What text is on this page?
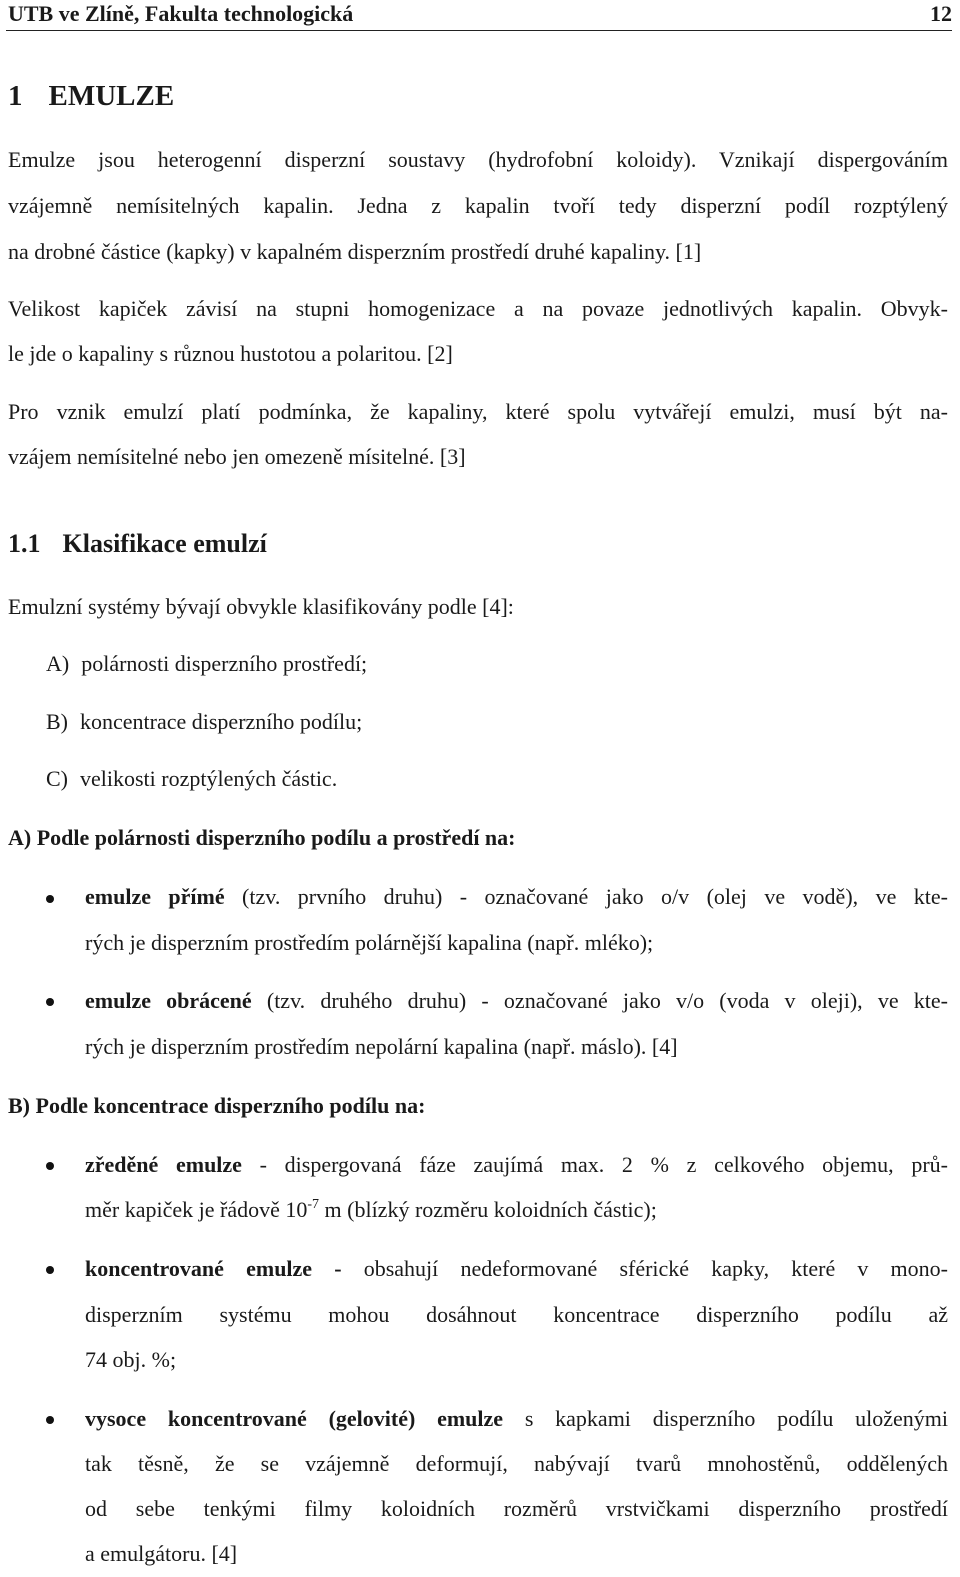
UTB ve Zlíně, Fakulta technologická	12
1 EMULZE
Emulze jsou heterogenní disperzní soustavy (hydrofobní koloidy). Vznikají dispergováním
vzájemně nemísitelných kapalin. Jedna z kapalin tvoří tedy disperzní podíl rozptýlený
na drobné částice (kapky) v kapalném disperzním prostředí druhé kapaliny. [1]
Velikost kapiček závisí na stupni homogenizace a na povaze jednotlivých kapalin. Obvyk-
le jde o kapaliny s různou hustotou a polaritou. [2]
Pro vznik emulzí platí podmínka, že kapaliny, které spolu vytvářejí emulzi, musí být na-
vzájem nemísitelné nebo jen omezeně mísitelné. [3]
1.1 Klasifikace emulzí
Emulzní systémy bývají obvykle klasifikovány podle [4]:
A) polárnosti disperzního prostředí;
B) koncentrace disperzního podílu;
C) velikosti rozptýlených částic.
A) Podle polárnosti disperzního podílu a prostředí na:
emulze přímé (tzv. prvního druhu) - označované jako o/v (olej ve vodě), ve kte-
rých je disperzním prostředím polárnější kapalina (např. mléko);
emulze obrácené (tzv. druhého druhu) - označované jako v/o (voda v oleji), ve kte-
rých je disperzním prostředím nepolární kapalina (např. máslo). [4]
B) Podle koncentrace disperzního podílu na:
zředěné emulze - dispergovaná fáze zaujímá max. 2 % z celkového objemu, prů-
měr kapiček je řádově $10^{-7}$ m (blízký rozměru koloidních částic);
koncentrované emulze - obsahují nedeformované sférické kapky, které v mono-
disperzním systému mohou dosáhnout koncentrace disperzního podílu až
74 obj. %;
vysoce koncentrované (gelovité) emulze s kapkami disperzního podílu uloženými
tak těsně, že se vzájemně deformují, nabývají tvarů mnohostěnů, oddělených
od sebe tenkými filmy koloidních rozměrů vrstvičkami disperzního prostředí
a emulgátoru. [4]
